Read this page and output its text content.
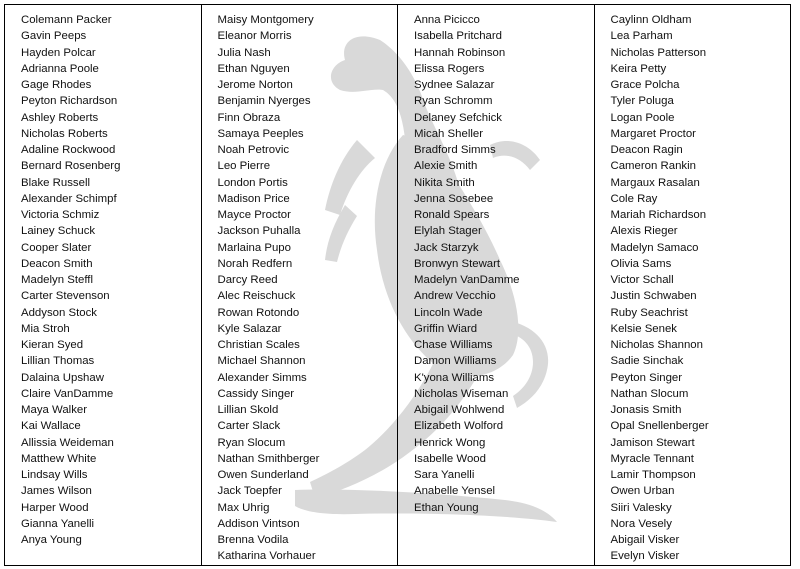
Colemann Packer
Gavin Peeps
Hayden Polcar
Adrianna Poole
Gage Rhodes
Peyton Richardson
Ashley Roberts
Nicholas Roberts
Adaline Rockwood
Bernard Rosenberg
Blake Russell
Alexander Schimpf
Victoria Schmiz
Lainey Schuck
Cooper Slater
Deacon Smith
Madelyn Steffl
Carter Stevenson
Addyson Stock
Mia Stroh
Kieran Syed
Lillian Thomas
Dalaina Upshaw
Claire VanDamme
Maya Walker
Kai Wallace
Allissia Weideman
Matthew White
Lindsay Wills
James Wilson
Harper Wood
Gianna Yanelli
Anya Young

Maisy Montgomery
Eleanor Morris
Julia Nash
Ethan Nguyen
Jerome Norton
Benjamin Nyerges
Finn Obraza
Samaya Peeples
Noah Petrovic
Leo Pierre
London Portis
Madison Price
Mayce Proctor
Jackson Puhalla
Marlaina Pupo
Norah Redfern
Darcy Reed
Alec Reischuck
Rowan Rotondo
Kyle Salazar
Christian Scales
Michael Shannon
Alexander Simms
Cassidy Singer
Lillian Skold
Carter Slack
Ryan Slocum
Nathan Smithberger
Owen Sunderland
Jack Toepfer
Max Uhrig
Addison Vintson
Brenna Vodila
Katharina Vorhauer

Anna Picicco
Isabella Pritchard
Hannah Robinson
Elissa Rogers
Sydnee Salazar
Ryan Schromm
Delaney Sefchick
Micah Sheller
Bradford Simms
Alexie Smith
Nikita Smith
Jenna Sosebee
Ronald Spears
Elylah Stager
Jack Starzyk
Bronwyn Stewart
Madelyn VanDamme
Andrew Vecchio
Lincoln Wade
Griffin Wiard
Chase Williams
Damon Williams
K'yona Williams
Nicholas Wiseman
Abigail Wohlwend
Elizabeth Wolford
Henrick Wong
Isabelle Wood
Sara Yanelli
Anabelle Yensel
Ethan Young

Caylinn Oldham
Lea Parham
Nicholas Patterson
Keira Petty
Grace Polcha
Tyler Poluga
Logan Poole
Margaret Proctor
Deacon Ragin
Cameron Rankin
Margaux Rasalan
Cole Ray
Mariah Richardson
Alexis Rieger
Madelyn Samaco
Olivia Sams
Victor Schall
Justin Schwaben
Ruby Seachrist
Kelsie Senek
Nicholas Shannon
Sadie Sinchak
Peyton Singer
Nathan Slocum
Jonasis Smith
Opal Snellenberger
Jamison Stewart
Myracle Tennant
Lamir Thompson
Owen Urban
Siiri Valesky
Nora Vesely
Abigail Visker
Evelyn Visker
